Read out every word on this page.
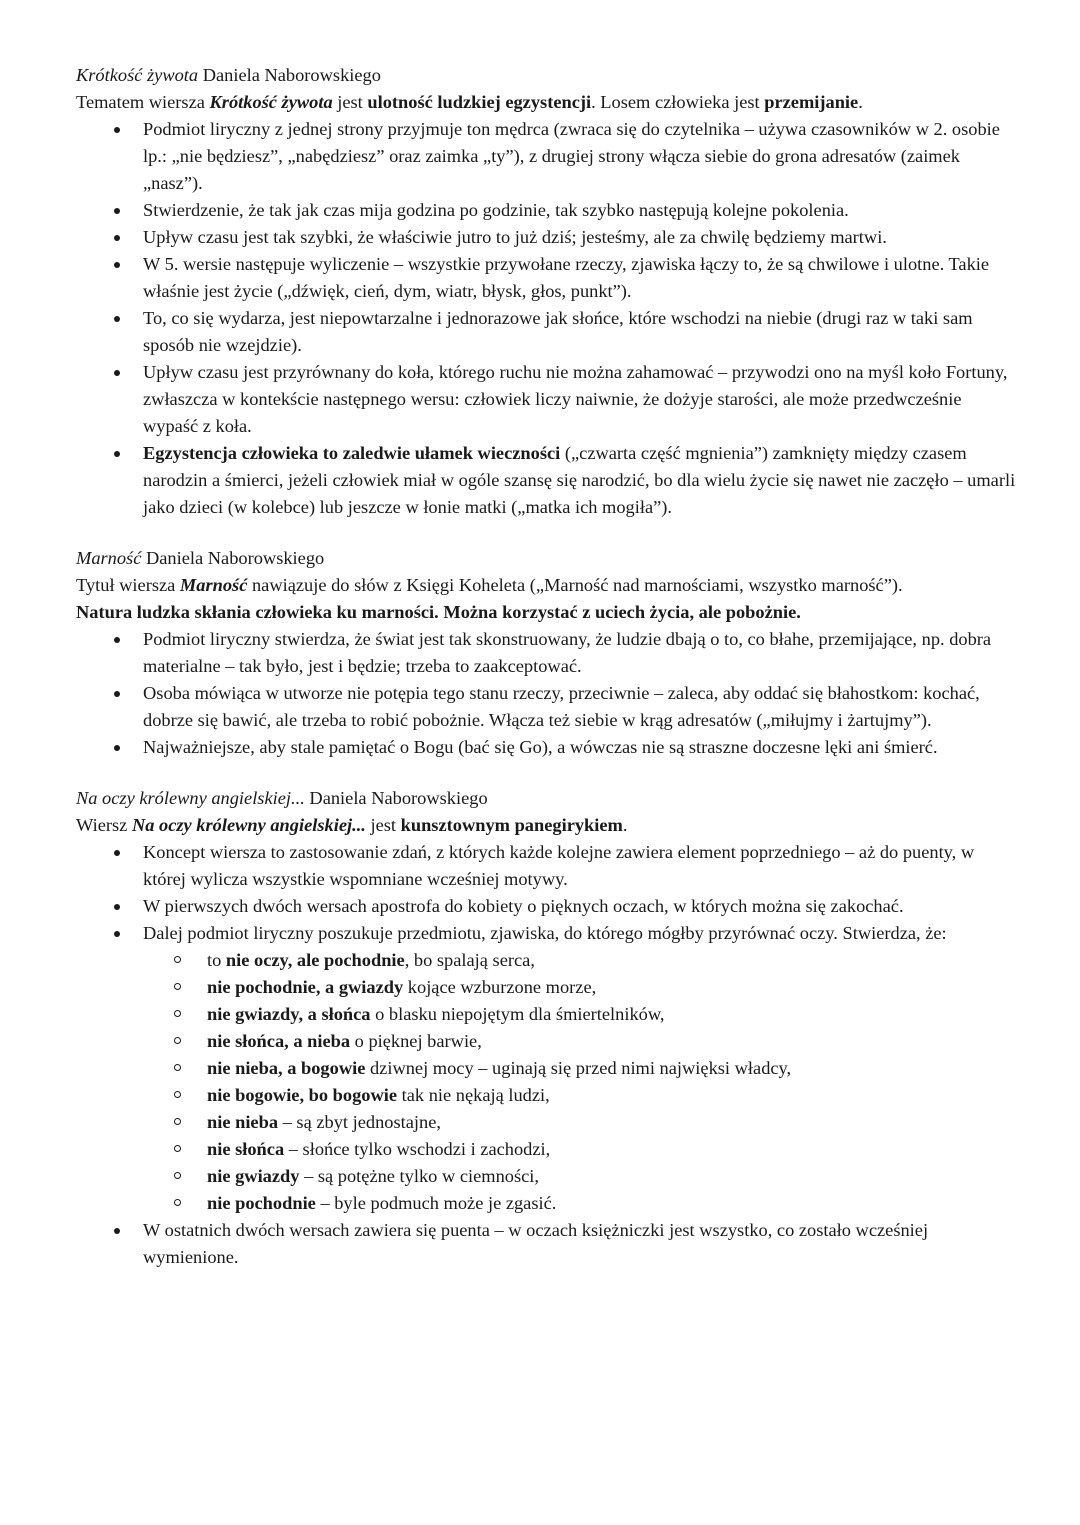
Krótkość żywota Daniela Naborowskiego

Tematem wiersza Krótkość żywota jest ulotność ludzkiej egzystencji. Losem człowieka jest przemijanie.

Podmiot liryczny z jednej strony przyjmuje ton mędrca (zwraca się do czytelnika – używa czasowników w 2. osobie lp.: „nie będziesz”, „nabędziesz” oraz zaimka „ty”), z drugiej strony włącza siebie do grona adresatów (zaimek „nasz”).
Stwierdzenie, że tak jak czas mija godzina po godzinie, tak szybko następują kolejne pokolenia.
Upływ czasu jest tak szybki, że właściwie jutro to już dziś; jesteśmy, ale za chwilę będziemy martwi.
W 5. wersie następuje wyliczenie – wszystkie przywołane rzeczy, zjawiska łączy to, że są chwilowe i ulotne. Takie właśnie jest życie („dźwięk, cień, dym, wiatr, błysk, głos, punkt”).
To, co się wydarza, jest niepowtarzalne i jednorazowe jak słońce, które wschodzi na niebie (drugi raz w taki sam sposób nie wzejdzie).
Upływ czasu jest przyrównany do koła, którego ruchu nie można zahamować – przywodzi ono na myśl koło Fortuny, zwłaszcza w kontekście następnego wersu: człowiek liczy naiwnie, że dożyje starości, ale może przedwcześnie wypaść z koła.
Egzystencja człowieka to zaledwie ułamek wieczności („czwarta część mgnienia”) zamknięty między czasem narodzin a śmierci, jeżeli człowiek miał w ogóle szansę się narodzić, bo dla wielu życie się nawet nie zaczęło – umarli jako dzieci (w kolebce) lub jeszcze w łonie matki („matka ich mogiła”).

Marność Daniela Naborowskiego

Tytuł wiersza Marność nawiązuje do słów z Księgi Koheleta („Marność nad marnościami, wszystko marność”).

Natura ludzka skłania człowieka ku marności. Można korzystać z uciech życia, ale pobożnie.

Podmiot liryczny stwierdza, że świat jest tak skonstruowany, że ludzie dbają o to, co błahe, przemijające, np. dobra materialne – tak było, jest i będzie; trzeba to zaakceptować.
Osoba mówiąca w utworze nie potępia tego stanu rzeczy, przeciwnie – zaleca, aby oddać się błahostkom: kochać, dobrze się bawić, ale trzeba to robić pobożnie. Włącza też siebie w krąg adresatów („miłujmy i żartujmy”).
Najważniejsze, aby stale pamiętać o Bogu (bać się Go), a wówczas nie są straszne doczesne lęki ani śmierć.

Na oczy królewny angielskiej... Daniela Naborowskiego

Wiersz Na oczy królewny angielskiej... jest kunsztownym panegirykiem.

Koncept wiersza to zastosowanie zdań, z których każde kolejne zawiera element poprzedniego – aż do puenty, w której wylicza wszystkie wspomniane wcześniej motywy.
W pierwszych dwóch wersach apostrofa do kobiety o pięknych oczach, w których można się zakochać.
Dalej podmiot liryczny poszukuje przedmiotu, zjawiska, do którego mógłby przyrównać oczy. Stwierdza, że:
to nie oczy, ale pochodnie, bo spalają serca,
nie pochodnie, a gwiazdy kojące wzburzone morze,
nie gwiazdy, a słońca o blasku niepojętym dla śmiertelników,
nie słońca, a nieba o pięknej barwie,
nie nieba, a bogowie dziwnej mocy – uginają się przed nimi najwięksi władcy,
nie bogowie, bo bogowie tak nie nękają ludzi,
nie nieba – są zbyt jednostajne,
nie słońca – słońce tylko wschodzi i zachodzi,
nie gwiazdy – są potężne tylko w ciemności,
nie pochodnie – byle podmuch może je zgasić.
W ostatnich dwóch wersach zawiera się puenta – w oczach księżniczki jest wszystko, co zostało wcześniej wymienione.
